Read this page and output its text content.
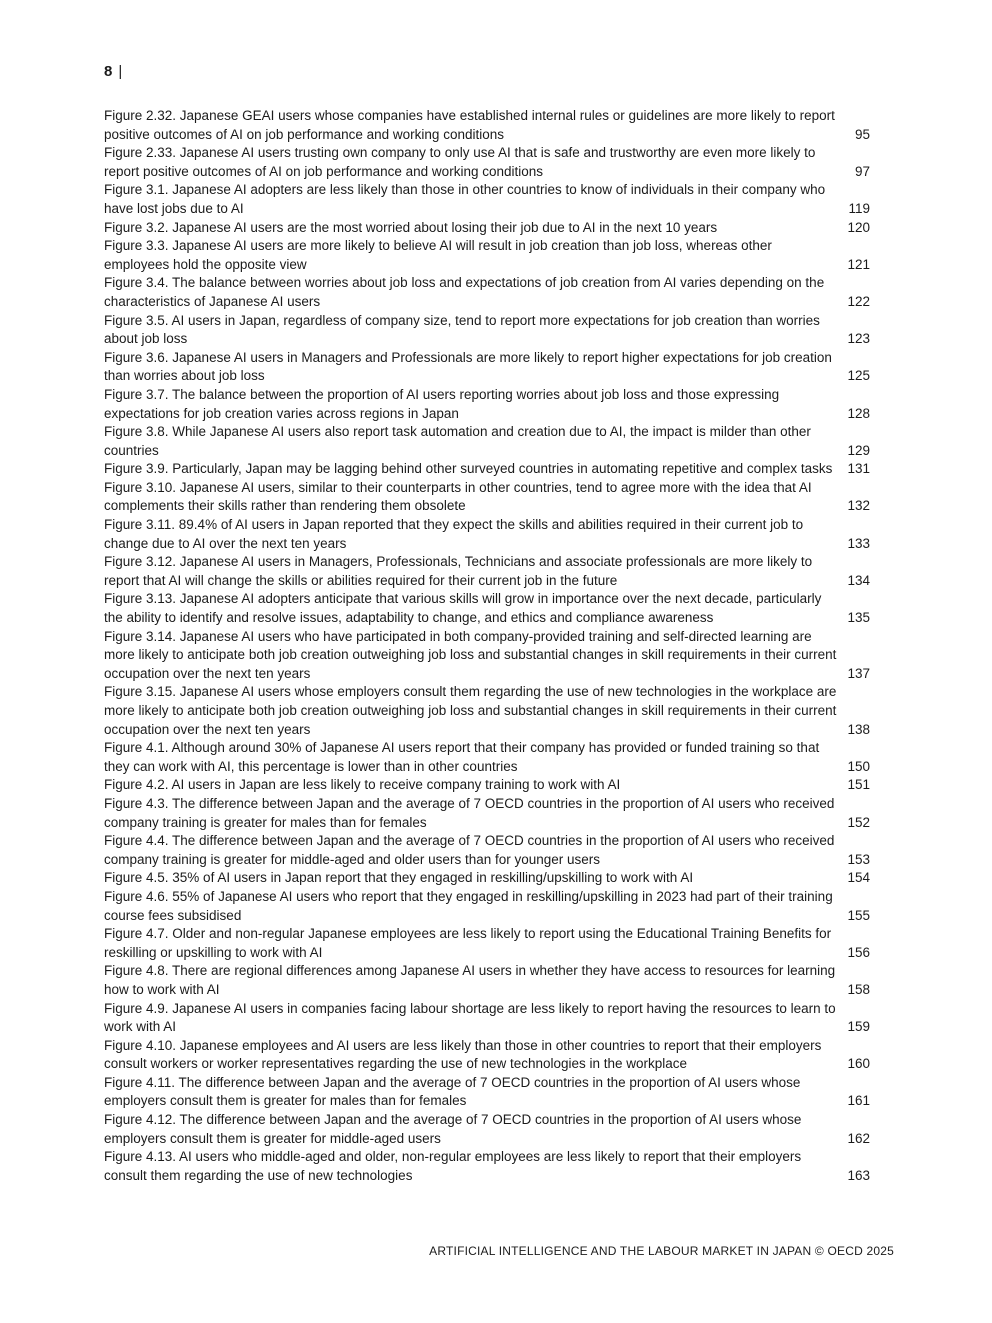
8 |
Figure 2.32. Japanese GEAI users whose companies have established internal rules or guidelines are more likely to report positive outcomes of AI on job performance and working conditions	95
Figure 2.33. Japanese AI users trusting own company to only use AI that is safe and trustworthy are even more likely to report positive outcomes of AI on job performance and working conditions	97
Figure 3.1. Japanese AI adopters are less likely than those in other countries to know of individuals in their company who have lost jobs due to AI	119
Figure 3.2. Japanese AI users are the most worried about losing their job due to AI in the next 10 years	120
Figure 3.3. Japanese AI users are more likely to believe AI will result in job creation than job loss, whereas other employees hold the opposite view	121
Figure 3.4. The balance between worries about job loss and expectations of job creation from AI varies depending on the characteristics of Japanese AI users	122
Figure 3.5. AI users in Japan, regardless of company size, tend to report more expectations for job creation than worries about job loss	123
Figure 3.6. Japanese AI users in Managers and Professionals are more likely to report higher expectations for job creation than worries about job loss	125
Figure 3.7. The balance between the proportion of AI users reporting worries about job loss and those expressing expectations for job creation varies across regions in Japan	128
Figure 3.8. While Japanese AI users also report task automation and creation due to AI, the impact is milder than other countries	129
Figure 3.9. Particularly, Japan may be lagging behind other surveyed countries in automating repetitive and complex tasks 131
Figure 3.10. Japanese AI users, similar to their counterparts in other countries, tend to agree more with the idea that AI complements their skills rather than rendering them obsolete	132
Figure 3.11. 89.4% of AI users in Japan reported that they expect the skills and abilities required in their current job to change due to AI over the next ten years	133
Figure 3.12. Japanese AI users in Managers, Professionals, Technicians and associate professionals are more likely to report that AI will change the skills or abilities required for their current job in the future	134
Figure 3.13. Japanese AI adopters anticipate that various skills will grow in importance over the next decade, particularly the ability to identify and resolve issues, adaptability to change, and ethics and compliance awareness	135
Figure 3.14. Japanese AI users who have participated in both company-provided training and self-directed learning are more likely to anticipate both job creation outweighing job loss and substantial changes in skill requirements in their current occupation over the next ten years	137
Figure 3.15. Japanese AI users whose employers consult them regarding the use of new technologies in the workplace are more likely to anticipate both job creation outweighing job loss and substantial changes in skill requirements in their current occupation over the next ten years	138
Figure 4.1. Although around 30% of Japanese AI users report that their company has provided or funded training so that they can work with AI, this percentage is lower than in other countries	150
Figure 4.2. AI users in Japan are less likely to receive company training to work with AI	151
Figure 4.3. The difference between Japan and the average of 7 OECD countries in the proportion of AI users who received company training is greater for males than for females	152
Figure 4.4. The difference between Japan and the average of 7 OECD countries in the proportion of AI users who received company training is greater for middle-aged and older users than for younger users	153
Figure 4.5. 35% of AI users in Japan report that they engaged in reskilling/upskilling to work with AI	154
Figure 4.6. 55% of Japanese AI users who report that they engaged in reskilling/upskilling in 2023 had part of their training course fees subsidised	155
Figure 4.7. Older and non-regular Japanese employees are less likely to report using the Educational Training Benefits for reskilling or upskilling to work with AI	156
Figure 4.8. There are regional differences among Japanese AI users in whether they have access to resources for learning how to work with AI	158
Figure 4.9. Japanese AI users in companies facing labour shortage are less likely to report having the resources to learn to work with AI	159
Figure 4.10. Japanese employees and AI users are less likely than those in other countries to report that their employers consult workers or worker representatives regarding the use of new technologies in the workplace	160
Figure 4.11. The difference between Japan and the average of 7 OECD countries in the proportion of AI users whose employers consult them is greater for males than for females	161
Figure 4.12. The difference between Japan and the average of 7 OECD countries in the proportion of AI users whose employers consult them is greater for middle-aged users	162
Figure 4.13. AI users who middle-aged and older, non-regular employees are less likely to report that their employers consult them regarding the use of new technologies	163
ARTIFICIAL INTELLIGENCE AND THE LABOUR MARKET IN JAPAN © OECD 2025
